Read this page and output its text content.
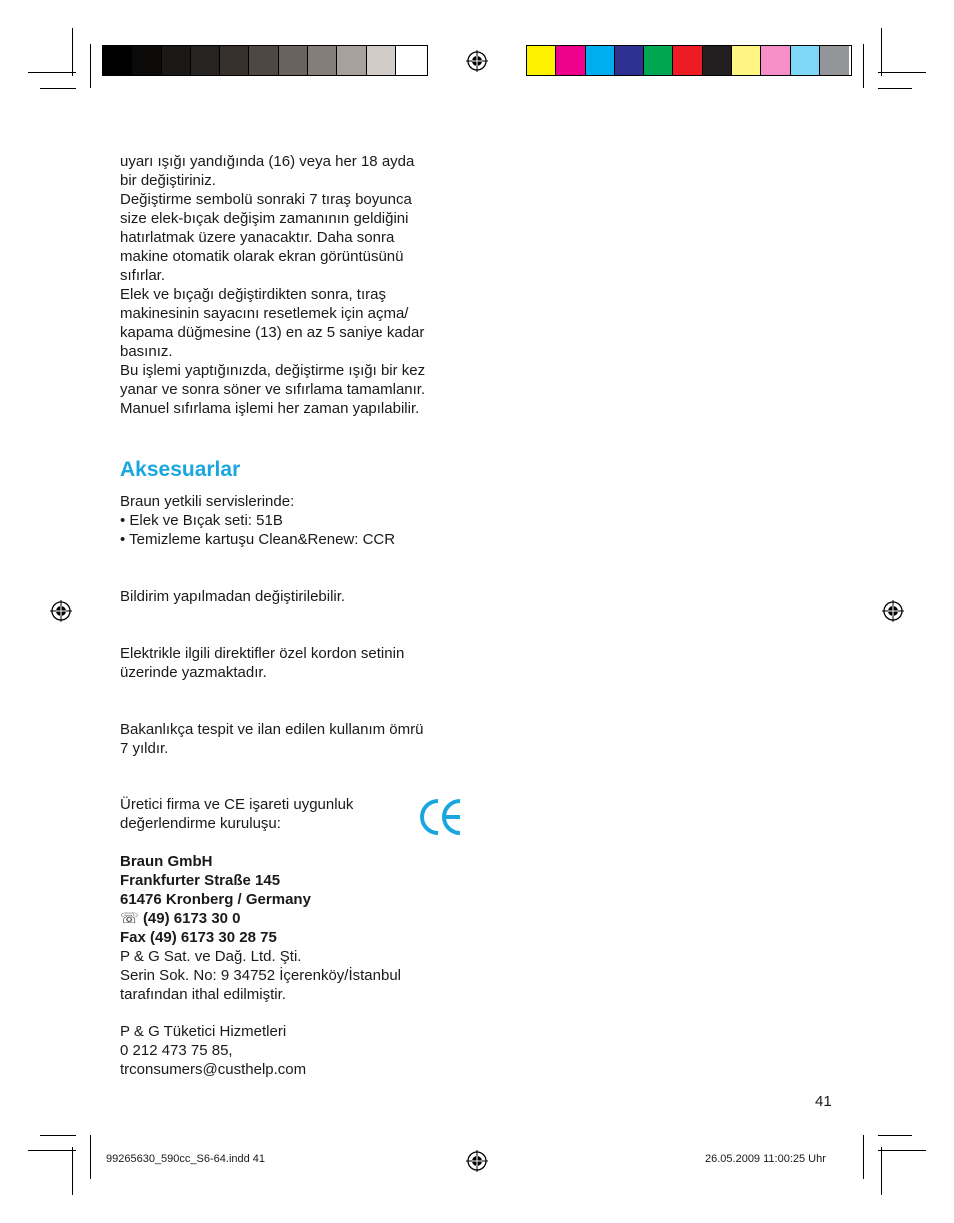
uyarı ışığı yandığında (16) veya her 18 ayda
bir değiştiriniz.

Değiştirme sembolü sonraki 7 tıraş boyunca
size elek-bıçak değişim zamanının geldiğini
hatırlatmak üzere yanacaktır. Daha sonra
makine otomatik olarak ekran görüntüsünü
sıfırlar.

Elek ve bıçağı değiştirdikten sonra, tıraş
makinesinin sayacını resetlemek için açma/
kapama düğmesine (13) en az 5 saniye kadar
basınız.

Bu işlemi yaptığınızda, değiştirme ışığı bir kez
yanar ve sonra söner ve sıfırlama tamamlanır.
Manuel sıfırlama işlemi her zaman yapılabilir.

Aksesuarlar
Braun yetkili servislerinde:
• Elek ve Bıçak seti: 51B
• Temizleme kartuşu Clean&Renew: CCR
Bildirim yapılmadan değiştirilebilir.
Elektrikle ilgili direktifler özel kordon setinin
üzerinde yazmaktadır.
Bakanlıkça tespit ve ilan edilen kullanım ömrü
7 yıldır.
Üretici firma ve CE işareti uygunluk
değerlendirme kuruluşu:
CE
Braun GmbH
Frankfurter Straße 145
61476 Kronberg / Germany
☏ (49) 6173 30 0
Fax (49) 6173 30 28 75
P & G Sat. ve Dağ. Ltd. Şti.
Serin Sok. No: 9 34752 İçerenköy/İstanbul
tarafından ithal edilmiştir.
P & G Tüketici Hizmetleri
0 212 473 75 85,
trconsumers@custhelp.com
41
99265630_590cc_S6-64.indd 41	26.05.2009 11:00:25 Uhr
